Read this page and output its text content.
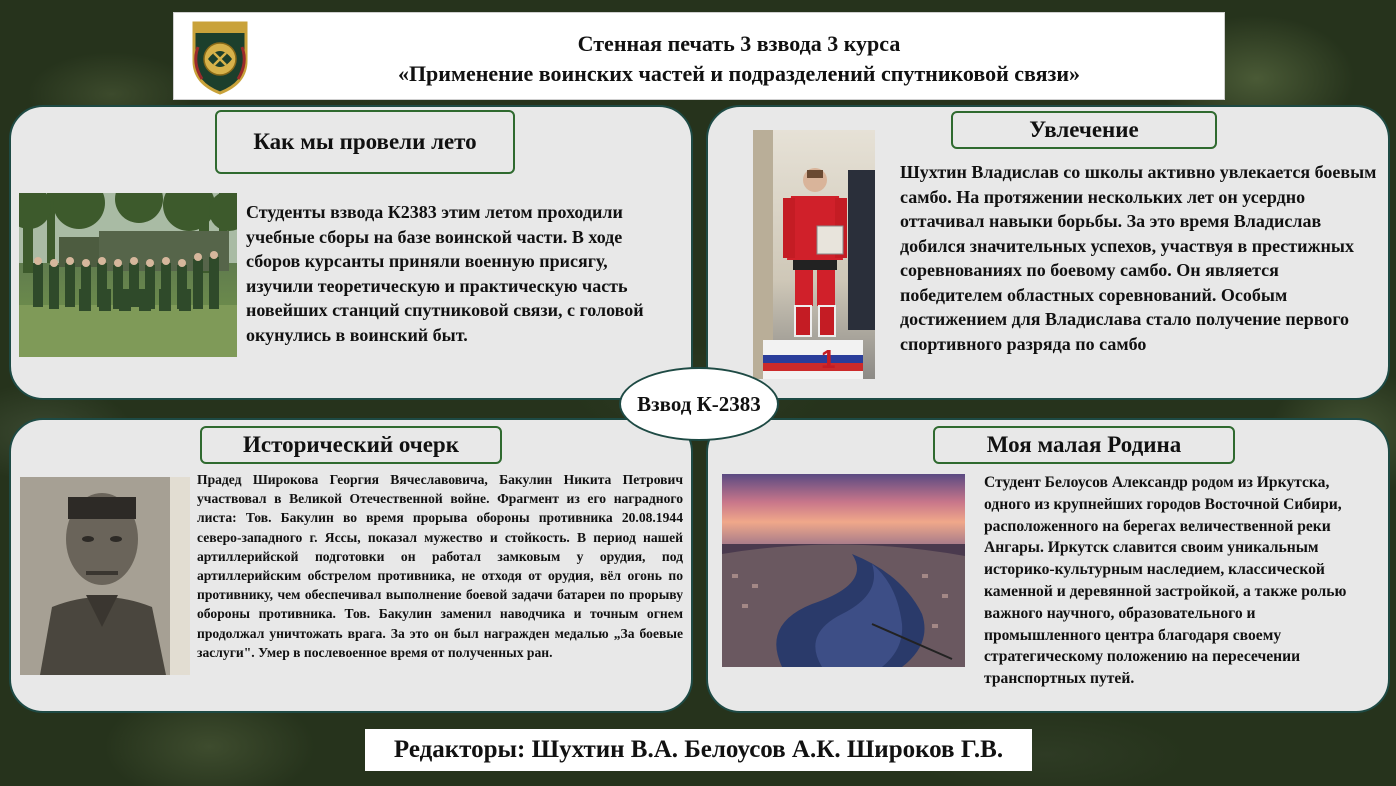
Стенная печать 3 взвода 3 курса
«Применение воинских частей и подразделений спутниковой связи»
Как мы провели лето
Студенты взвода К2383 этим летом проходили учебные сборы на базе воинской части. В ходе сборов курсанты приняли военную присягу, изучили теоретическую и практическую часть новейших станций спутниковой связи, с головой окунулись в воинский быт.
Увлечение
1
Шухтин Владислав со школы активно увлекается боевым самбо. На протяжении нескольких лет он усердно оттачивал навыки борьбы. За это время Владислав добился значительных успехов, участвуя в престижных соревнованиях по боевому самбо. Он является победителем областных соревнований. Особым достижением для Владислава стало получение первого спортивного разряда по самбо
Исторический очерк
Прадед Широкова Георгия Вячеславовича, Бакулин Никита Петрович участвовал в Великой Отечественной войне. Фрагмент из его наградного листа: Тов. Бакулин во время прорыва обороны противника 20.08.1944 северо-западного г. Яссы, показал мужество и стойкость. В период нашей артиллерийской подготовки он работал замковым у орудия, под артиллерийским обстрелом противника, не отходя от орудия, вёл огонь по противнику, чем обеспечивал выполнение боевой задачи батареи по прорыву обороны противника. Тов. Бакулин заменил наводчика и точным огнем продолжал уничтожать врага. За это он был награжден медалью „За боевые заслуги". Умер в послевоенное время от полученных ран.
Моя малая Родина
Студент Белоусов Александр родом из Иркутска, одного из крупнейших городов Восточной Сибири, расположенного на берегах величественной реки Ангары. Иркутск славится своим уникальным историко-культурным наследием, классической каменной и деревянной застройкой, а также ролью важного научного, образовательного и промышленного центра благодаря своему стратегическому положению на пересечении транспортных путей.
Взвод К-2383
Редакторы: Шухтин В.А. Белоусов А.К. Широков Г.В.
